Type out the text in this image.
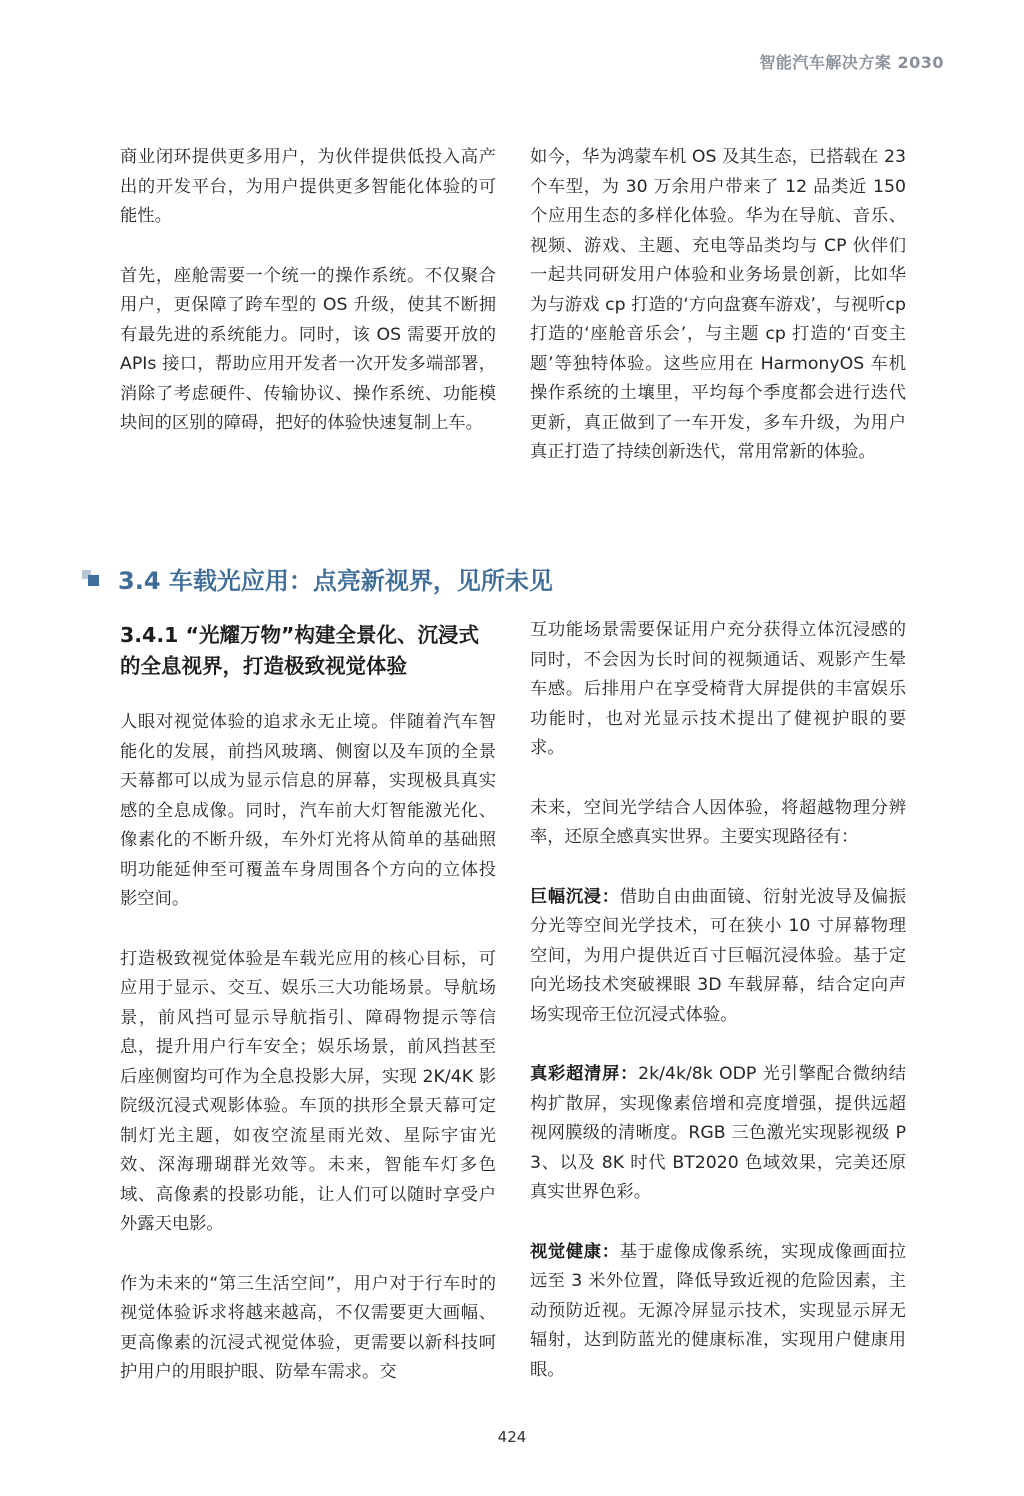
智能汽车解决方案 2030

商业闭环提供更多用户，为伙伴提供低投入高产出的开发平台，为用户提供更多智能化体验的可能性。

首先，座舱需要一个统一的操作系统。不仅聚合用户，更保障了跨车型的 OS 升级，使其不断拥有最先进的系统能力。同时，该 OS 需要开放的 APIs 接口，帮助应用开发者一次开发多端部署，消除了考虑硬件、传输协议、操作系统、功能模块间的区别的障碍，把好的体验快速复制上车。

如今，华为鸿蒙车机 OS 及其生态，已搭载在 23 个车型，为 30 万余用户带来了 12 品类近 150 个应用生态的多样化体验。华为在导航、音乐、视频、游戏、主题、充电等品类均与 CP 伙伴们一起共同研发用户体验和业务场景创新，比如华为与游戏 cp 打造的‘方向盘赛车游戏’，与视听cp 打造的‘座舱音乐会’，与主题 cp 打造的‘百变主题’等独特体验。这些应用在 HarmonyOS 车机操作系统的土壤里，平均每个季度都会进行迭代更新，真正做到了一车开发，多车升级，为用户真正打造了持续创新迭代，常用常新的体验。

3.4 车载光应用：点亮新视界，见所未见
3.4.1 “光耀万物”构建全景化、沉浸式的全息视界，打造极致视觉体验

人眼对视觉体验的追求永无止境。伴随着汽车智能化的发展，前挡风玻璃、侧窗以及车顶的全景天幕都可以成为显示信息的屏幕，实现极具真实感的全息成像。同时，汽车前大灯智能激光化、像素化的不断升级，车外灯光将从简单的基础照明功能延伸至可覆盖车身周围各个方向的立体投影空间。

打造极致视觉体验是车载光应用的核心目标，可应用于显示、交互、娱乐三大功能场景。导航场景，前风挡可显示导航指引、障碍物提示等信息，提升用户行车安全；娱乐场景，前风挡甚至后座侧窗均可作为全息投影大屏，实现 2K/4K 影院级沉浸式观影体验。车顶的拱形全景天幕可定制灯光主题，如夜空流星雨光效、星际宇宙光效、深海珊瑚群光效等。未来，智能车灯多色域、高像素的投影功能，让人们可以随时享受户外露天电影。

作为未来的“第三生活空间”，用户对于行车时的视觉体验诉求将越来越高，不仅需要更大画幅、更高像素的沉浸式视觉体验，更需要以新科技呵护用户的用眼护眼、防晕车需求。交

互功能场景需要保证用户充分获得立体沉浸感的同时，不会因为长时间的视频通话、观影产生晕车感。后排用户在享受椅背大屏提供的丰富娱乐功能时，也对光显示技术提出了健视护眼的要求。

未来，空间光学结合人因体验，将超越物理分辨率，还原全感真实世界。主要实现路径有：

巨幅沉浸：借助自由曲面镜、衍射光波导及偏振分光等空间光学技术，可在狭小 10 寸屏幕物理空间，为用户提供近百寸巨幅沉浸体验。基于定向光场技术突破裸眼 3D 车载屏幕，结合定向声场实现帝王位沉浸式体验。

真彩超清屏：2k/4k/8k ODP 光引擎配合微纳结构扩散屏，实现像素倍增和亮度增强，提供远超视网膜级的清晰度。RGB 三色激光实现影视级 P3、以及 8K 时代 BT2020 色域效果，完美还原真实世界色彩。

视觉健康：基于虚像成像系统，实现成像画面拉远至 3 米外位置，降低导致近视的危险因素，主动预防近视。无源冷屏显示技术，实现显示屏无辐射，达到防蓝光的健康标准，实现用户健康用眼。

424
